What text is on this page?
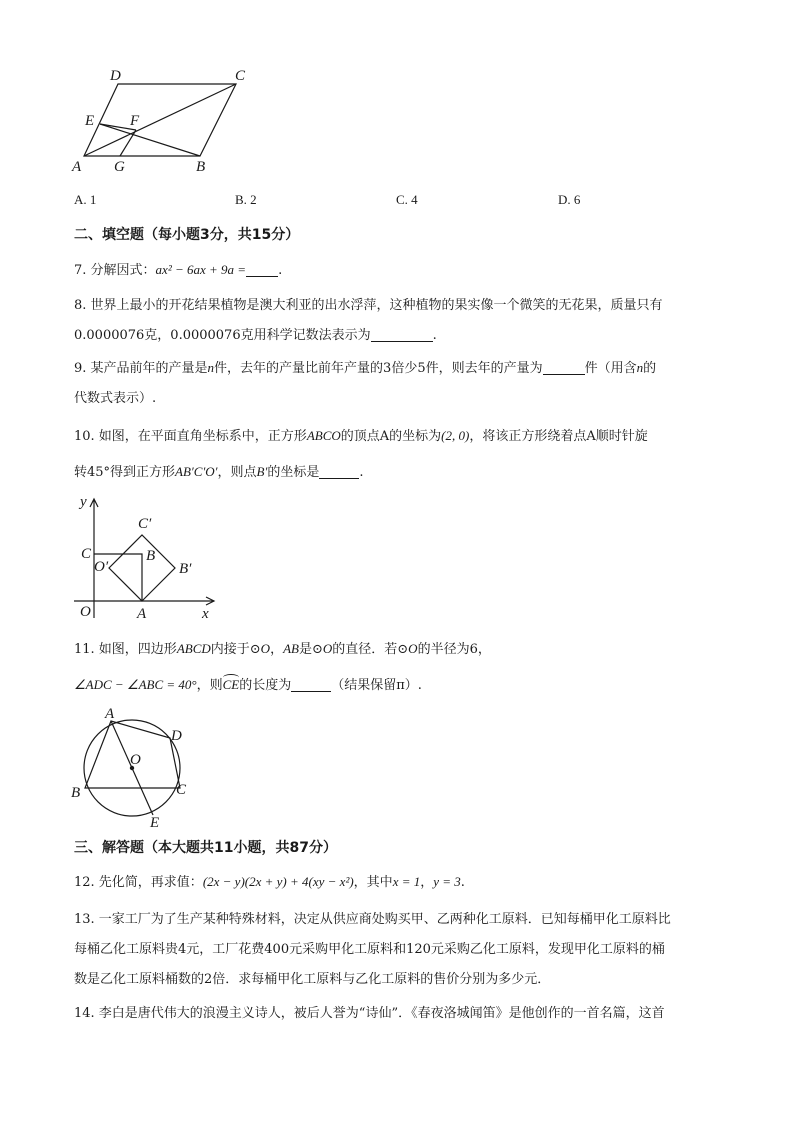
D	C
E F
A G	B
A. 1	B. 2	C. 4	D. 6
二、填空题（每小题3分，共15分）
7. 分解因式：ax² − 6ax + 9a = .
8. 世界上最小的开花结果植物是澳大利亚的出水浮萍，这种植物的果实像一个微笑的无花果，质量只有
0.0000076克，0.0000076克用科学记数法表示为	.
9. 某产品前年的产量是n件，去年的产量比前年产量的3倍少5件，则去年的产量为	件（用含n的
代数式表示）.
10. 如图，在平面直角坐标系中，正方形ABCO的顶点A的坐标为(2, 0)，将该正方形绕着点A顺时针旋
转45°得到正方形AB′C′O′，则点B′的坐标是	.
y
x
O	A
C	B
B′
C′
O′
11. 如图，四边形ABCD内接于⊙O，AB是⊙O的直径．若⊙O的半径为6，
∠ADC − ∠ABC = 40°，则
CE的长度为	（结果保留π）.
A
D
O
B	C
E
三、解答题（本大题共11小题，共87分）
12. 先化简，再求值：(2x − y)(2x + y) + 4(xy − x²)，其中x = 1，y = 3.
13. 一家工厂为了生产某种特殊材料，决定从供应商处购买甲、乙两种化工原料．已知每桶甲化工原料比
每桶乙化工原料贵4元，工厂花费400元采购甲化工原料和120元采购乙化工原料，发现甲化工原料的桶
数是乙化工原料桶数的2倍．求每桶甲化工原料与乙化工原料的售价分别为多少元．
14. 李白是唐代伟大的浪漫主义诗人，被后人誉为“诗仙”．《春夜洛城闻笛》是他创作的一首名篇，这首
